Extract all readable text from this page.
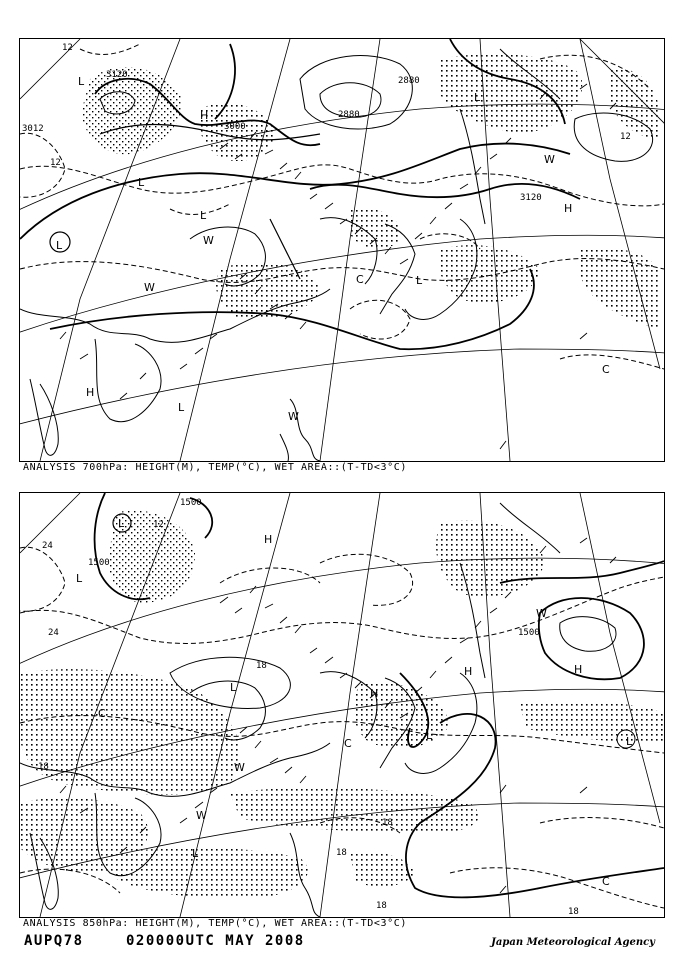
12
3120
3000
2880
2880
3120
12
3012
12
L
L
L
L
H
W
W
W
H
H
L
L
C
C
W
L
ANALYSIS 700hPa: HEIGHT(M), TEMP(°C), WET AREA::(T-TD<3°C)
1500
12
24
1500
24
18
1500
18
18
18
18
18
L
L
H
H
L
C
C
H
W
L
W
H
L
C
L
W
ANALYSIS 850hPa: HEIGHT(M), TEMP(°C), WET AREA::(T-TD<3°C)
AUPQ78	020000UTC MAY 2008	Japan Meteorological Agency
